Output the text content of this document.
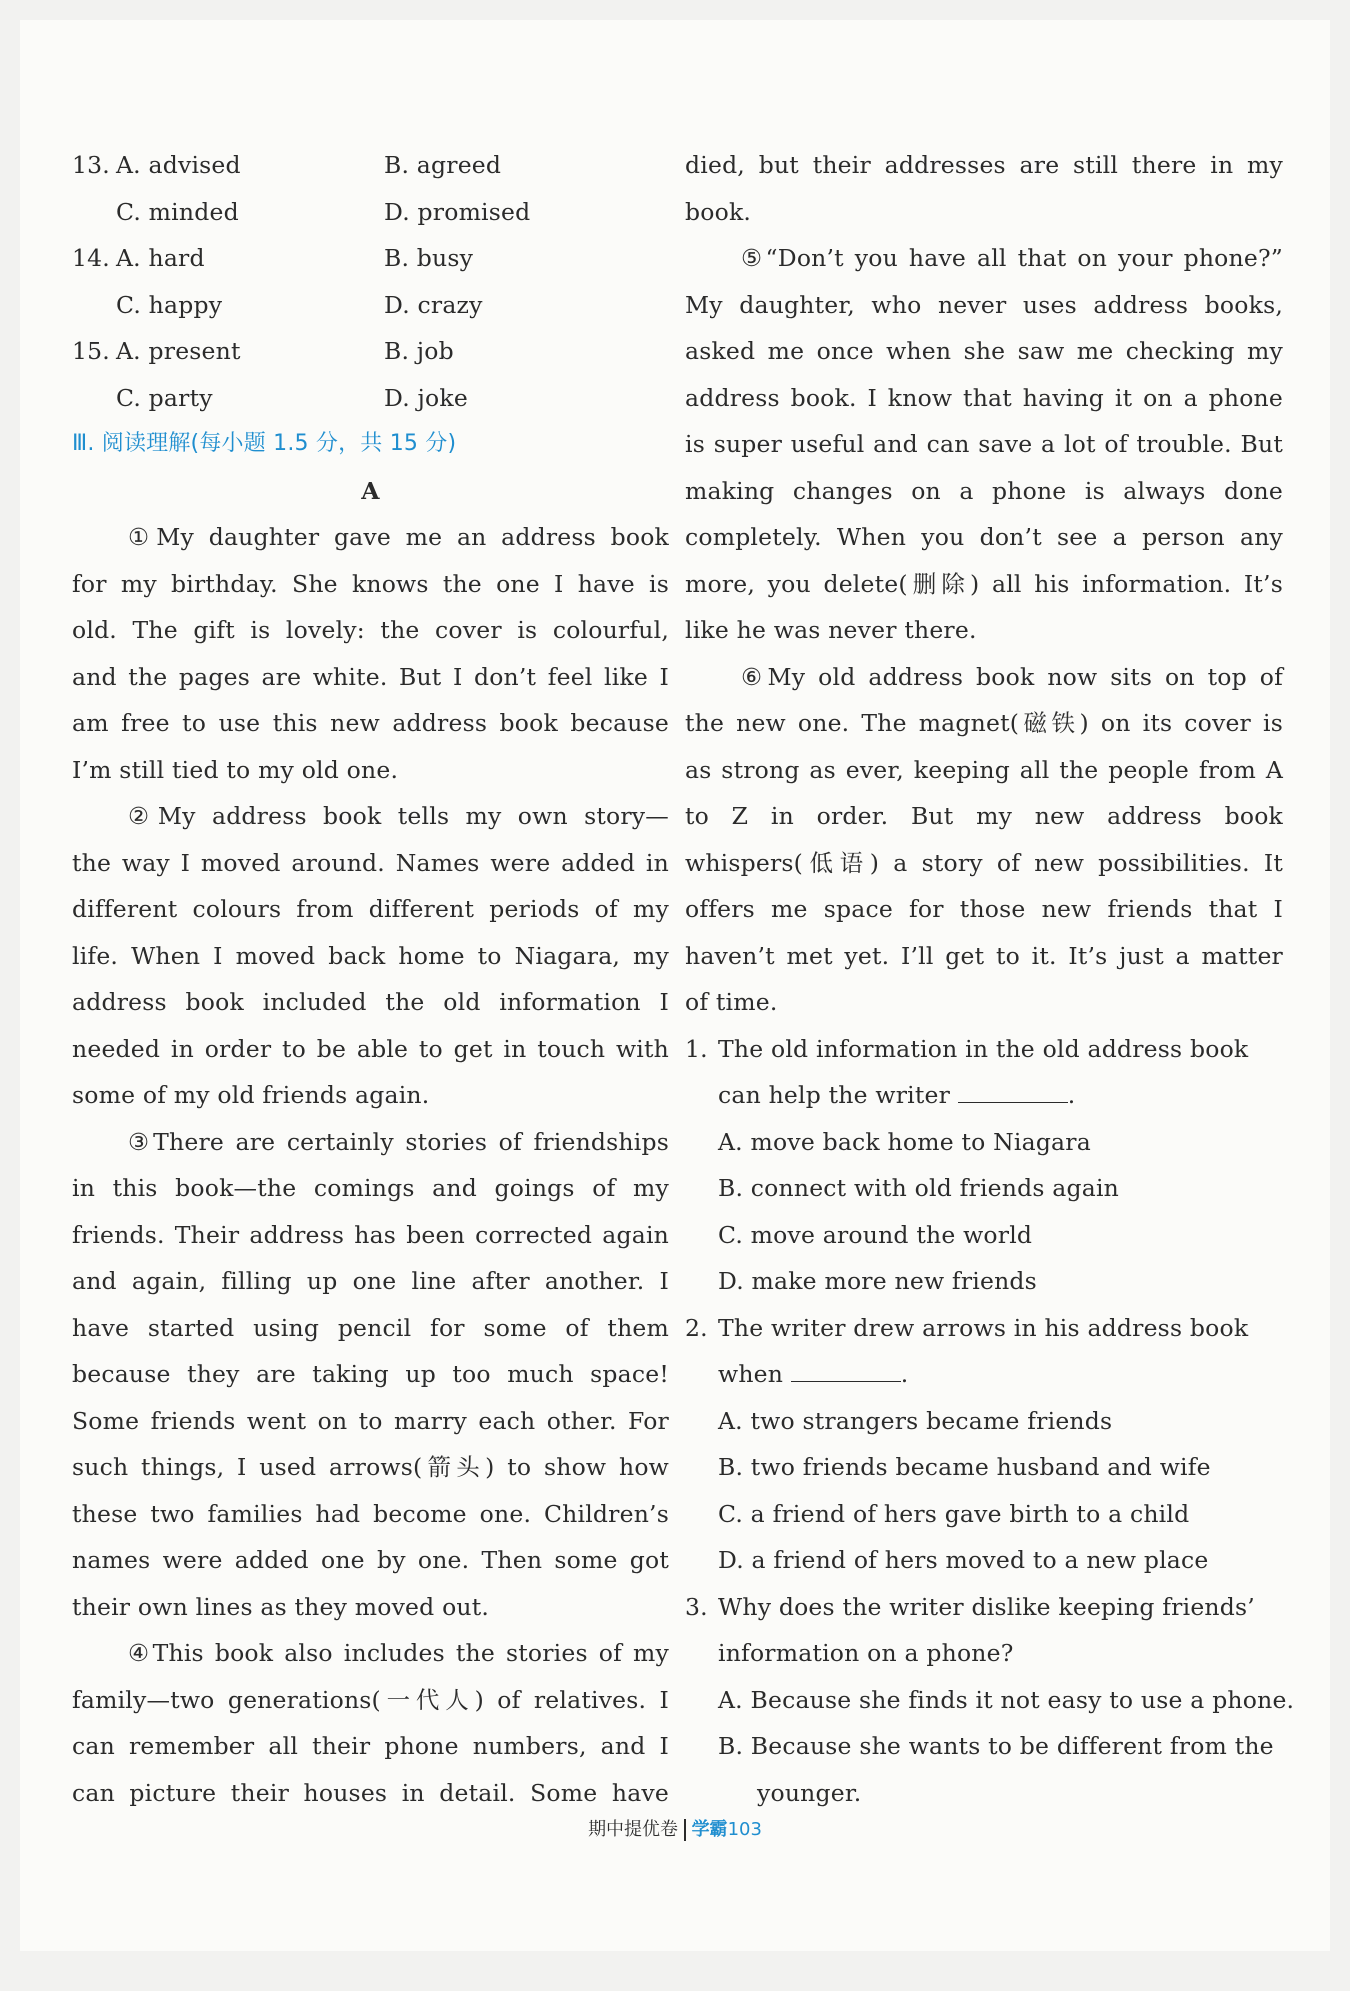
13. A. advised	B. agreed
C. minded	D. promised
14. A. hard	B. busy
C. happy	D. crazy
15. A. present	B. job
C. party	D. joke
Ⅲ. 阅读理解(每小题 1.5 分，共 15 分)
A
①My daughter gave me an address book
for my birthday. She knows the one I have is
old. The gift is lovely: the cover is colourful,
and the pages are white. But I don’t feel like I
am free to use this new address book because
I’m still tied to my old one.
②My address book tells my own story—
the way I moved around. Names were added in
different colours from different periods of my
life. When I moved back home to Niagara, my
address book included the old information I
needed in order to be able to get in touch with
some of my old friends again.
③There are certainly stories of friendships
in this book—the comings and goings of my
friends. Their address has been corrected again
and again, filling up one line after another. I
have started using pencil for some of them
because they are taking up too much space!
Some friends went on to marry each other. For
such things, I used arrows(箭头) to show how
these two families had become one. Children’s
names were added one by one. Then some got
their own lines as they moved out.
④This book also includes the stories of my
family—two generations(一代人) of relatives. I
can remember all their phone numbers, and I
can picture their houses in detail. Some have
died, but their addresses are still there in my
book.
⑤“Don’t you have all that on your phone?”
My daughter, who never uses address books,
asked me once when she saw me checking my
address book. I know that having it on a phone
is super useful and can save a lot of trouble. But
making changes on a phone is always done
completely. When you don’t see a person any
more, you delete(删除) all his information. It’s
like he was never there.
⑥My old address book now sits on top of
the new one. The magnet(磁铁) on its cover is
as strong as ever, keeping all the people from A
to Z in order. But my new address book
whispers(低语) a story of new possibilities. It
offers me space for those new friends that I
haven’t met yet. I’ll get to it. It’s just a matter
of time.
1. The old information in the old address book
can help the writer	.
A. move back home to Niagara
B. connect with old friends again
C. move around the world
D. make more new friends
2. The writer drew arrows in his address book
when	.
A. two strangers became friends
B. two friends became husband and wife
C. a friend of hers gave birth to a child
D. a friend of hers moved to a new place
3. Why does the writer dislike keeping friends’
information on a phone?
A. Because she finds it not easy to use a phone.
B. Because she wants to be different from the
younger.
期中提优卷 学霸103
